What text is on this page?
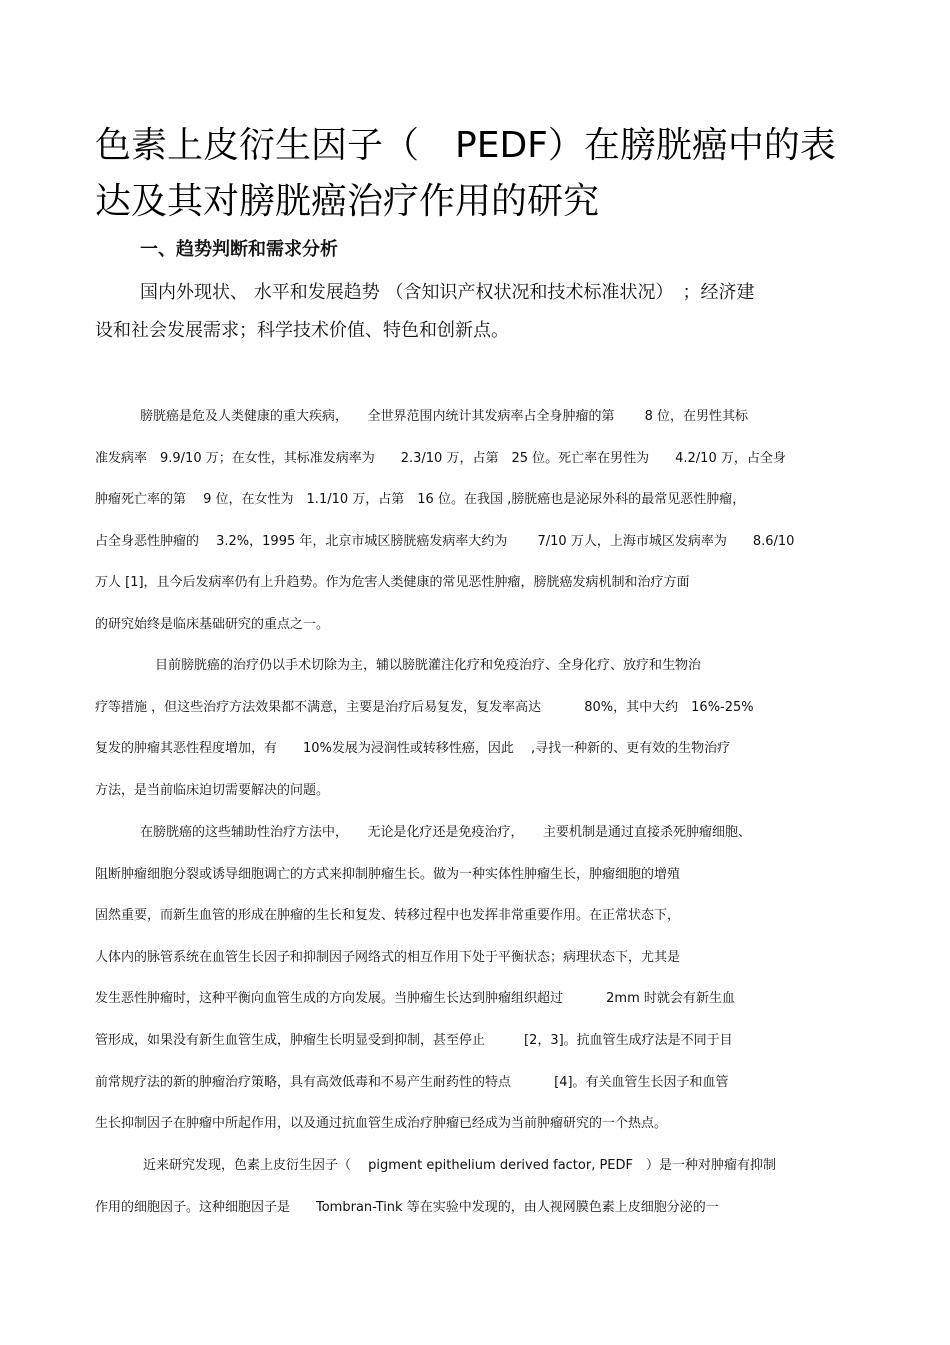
色素上皮衍生因子（　PEDF）在膀胱癌中的表
达及其对膀胱癌治疗作用的研究
一、趋势判断和需求分析

国内外现状、 水平和发展趋势 （含知识产权状况和技术标准状况）　；经济建
设和社会发展需求；科学技术价值、特色和创新点。

膀胱癌是危及人类健康的重大疾病，　　全世界范围内统计其发病率占全身肿瘤的第　　 8 位，在男性其标
准发病率　9.9/10 万；在女性，其标准发病率为　　2.3/10 万，占第　25 位。死亡率在男性为　　4.2/10 万，占全身
肿瘤死亡率的第　 9 位，在女性为　1.1/10 万，占第　16 位。在我国 ,膀胱癌也是泌尿外科的最常见恶性肿瘤，
占全身恶性肿瘤的　 3.2%，1995 年，北京市城区膀胱癌发病率大约为　　 7/10 万人，上海市城区发病率为　　8.6/10
万人 [1]，且今后发病率仍有上升趋势。作为危害人类健康的常见恶性肿瘤，膀胱癌发病机制和治疗方面
的研究始终是临床基础研究的重点之一。

目前膀胱癌的治疗仍以手术切除为主，辅以膀胱灌注化疗和免疫治疗、全身化疗、放疗和生物治
疗等措施 ，但这些治疗方法效果都不满意，主要是治疗后易复发，复发率高达　　　 80%，其中大约　16%-25%
复发的肿瘤其恶性程度增加，有　　10%发展为浸润性或转移性癌，因此　 ,寻找一种新的、更有效的生物治疗
方法，是当前临床迫切需要解决的问题。

在膀胱癌的这些辅助性治疗方法中，　　无论是化疗还是免疫治疗，　　主要机制是通过直接杀死肿瘤细胞、
阻断肿瘤细胞分裂或诱导细胞调亡的方式来抑制肿瘤生长。做为一种实体性肿瘤生长，肿瘤细胞的增殖
固然重要，而新生血管的形成在肿瘤的生长和复发、转移过程中也发挥非常重要作用。在正常状态下，
人体内的脉管系统在血管生长因子和抑制因子网络式的相互作用下处于平衡状态；病理状态下，尤其是
发生恶性肿瘤时，这种平衡向血管生成的方向发展。当肿瘤生长达到肿瘤组织超过　　　 2mm 时就会有新生血
管形成，如果没有新生血管生成，肿瘤生长明显受到抑制，甚至停止　　　[2，3]。抗血管生成疗法是不同于目
前常规疗法的新的肿瘤治疗策略，具有高效低毒和不易产生耐药性的特点　　　 [4]。有关血管生长因子和血管
生长抑制因子在肿瘤中所起作用，以及通过抗血管生成治疗肿瘤已经成为当前肿瘤研究的一个热点。

近来研究发现，色素上皮衍生因子（　 pigment epithelium derived factor, PEDF　）是一种对肿瘤有抑制
作用的细胞因子。这种细胞因子是　　Tombran-Tink 等在实验中发现的，由人视网膜色素上皮细胞分泌的一
